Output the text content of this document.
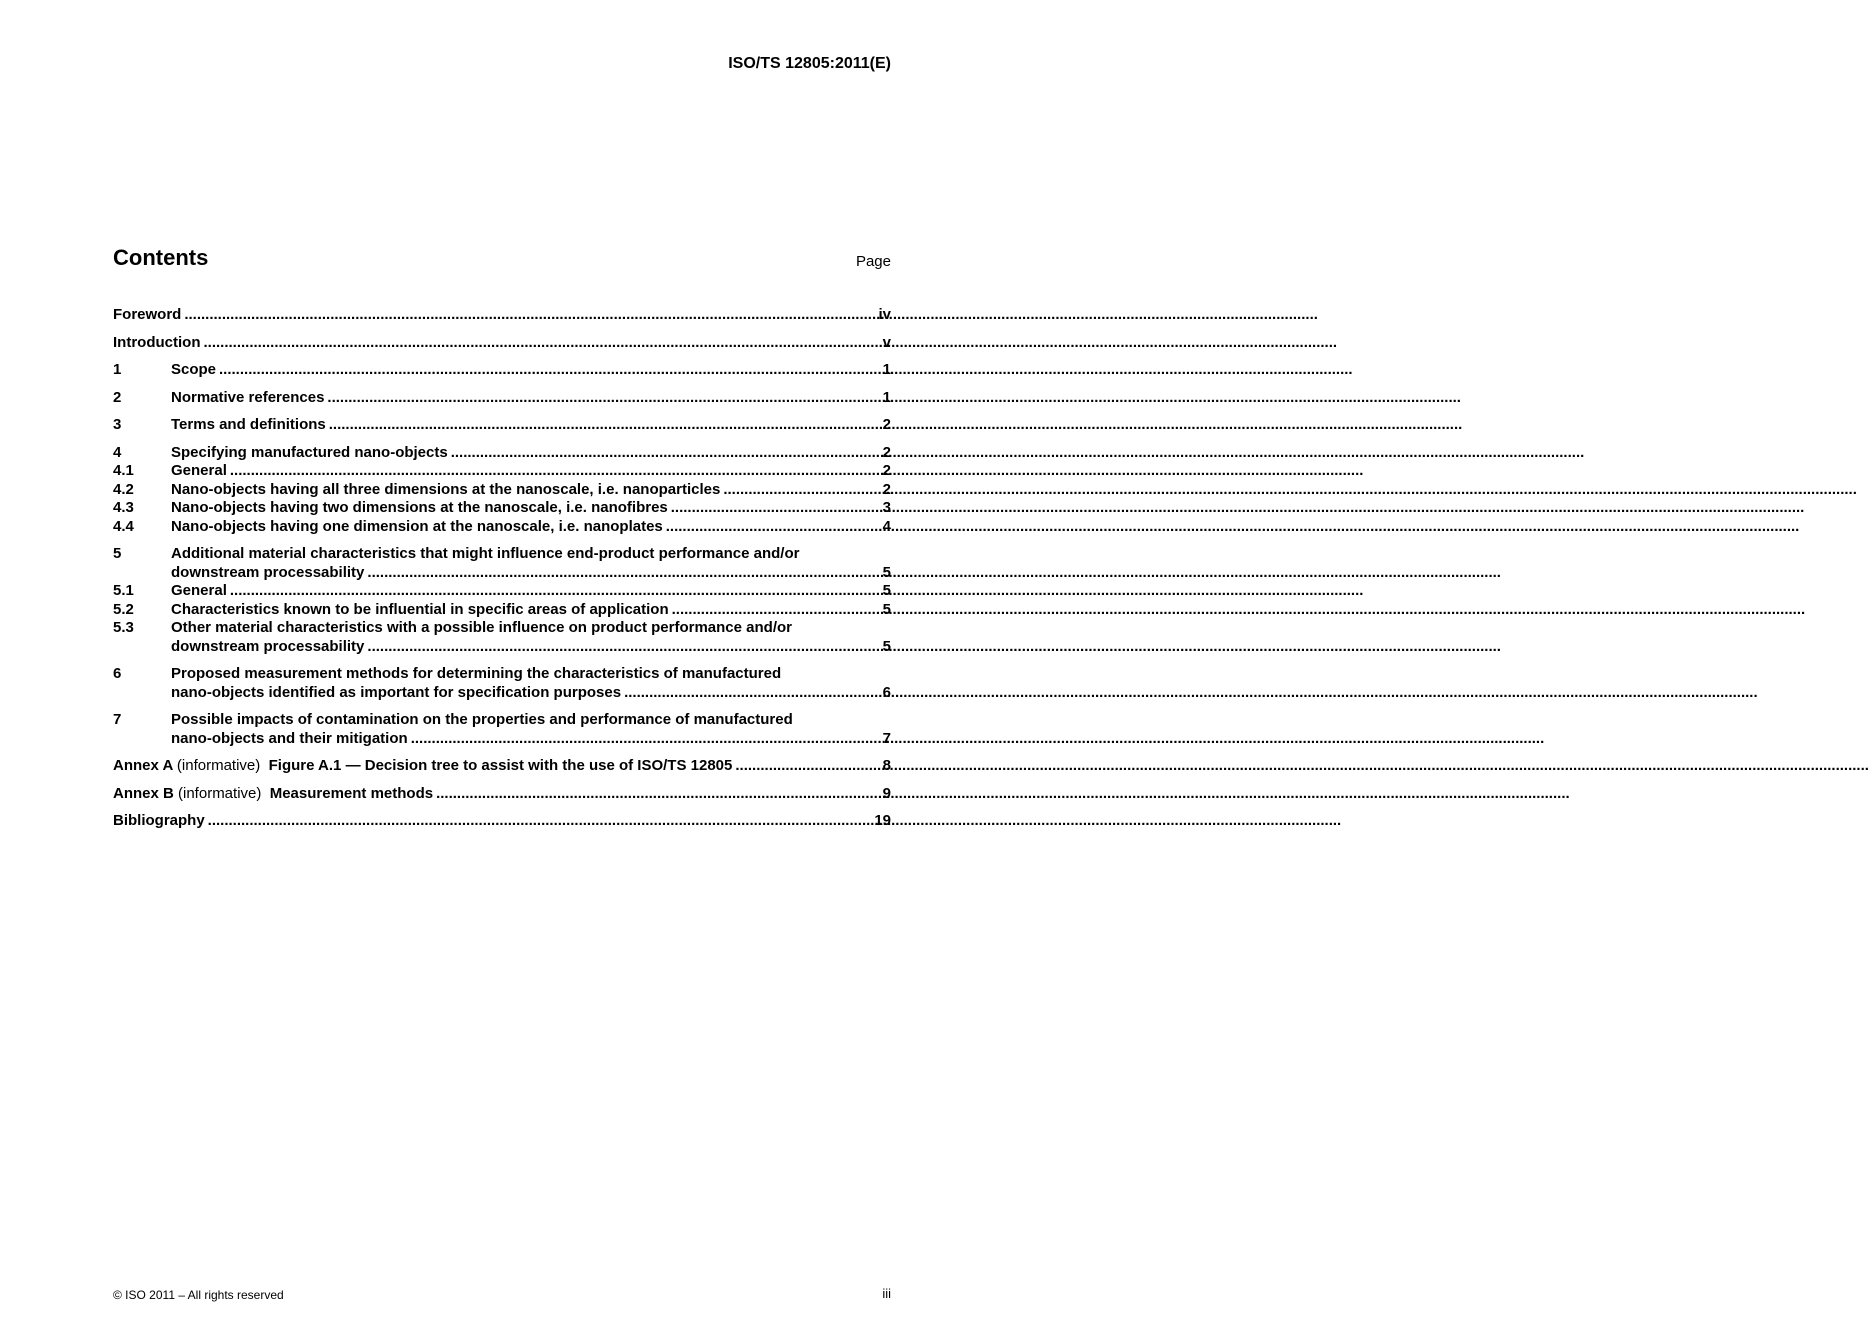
ISO/TS 12805:2011(E)
Contents	Page
Foreword .....	iv
Introduction .....	v
1	Scope .....	1
2	Normative references .....	1
3	Terms and definitions .....	2
4	Specifying manufactured nano-objects .....	2
4.1	General .....	2
4.2	Nano-objects having all three dimensions at the nanoscale, i.e. nanoparticles .....	2
4.3	Nano-objects having two dimensions at the nanoscale, i.e. nanofibres .....	3
4.4	Nano-objects having one dimension at the nanoscale, i.e. nanoplates .....	4
5	Additional material characteristics that might influence end-product performance and/or
downstream processability .....	5
5.1	General .....	5
5.2	Characteristics known to be influential in specific areas of application .....	5
5.3	Other material characteristics with a possible influence on product performance and/or
downstream processability .....	5
6	Proposed measurement methods for determining the characteristics of manufactured
nano-objects identified as important for specification purposes .....	6
7	Possible impacts of contamination on the properties and performance of manufactured
nano-objects and their mitigation .....	7
Annex A (informative) Figure A.1 — Decision tree to assist with the use of ISO/TS 12805 .....	8
Annex B (informative) Measurement methods .....	9
Bibliography .....	19
© ISO 2011 – All rights reserved	iii
